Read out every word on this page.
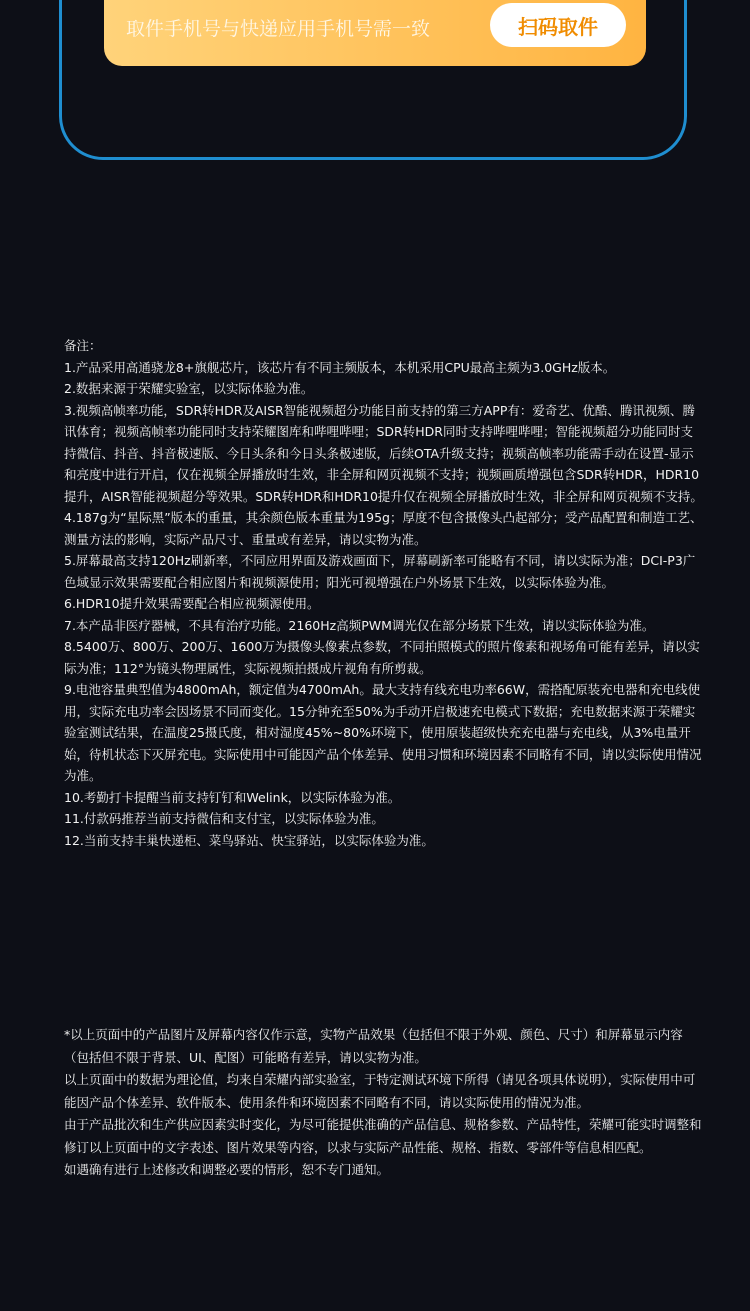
取件手机号与快递应用手机号需一致	扫码取件
备注：

1.产品采用高通骁龙8+旗舰芯片，该芯片有不同主频版本，本机采用CPU最高主频为3.0GHz版本。

2.数据来源于荣耀实验室，以实际体验为准。

3.视频高帧率功能，SDR转HDR及AISR智能视频超分功能目前支持的第三方APP有：爱奇艺、优酷、腾讯视频、腾讯体育；视频高帧率功能同时支持荣耀图库和哔哩哔哩；SDR转HDR同时支持哔哩哔哩；智能视频超分功能同时支持微信、抖音、抖音极速版、今日头条和今日头条极速版，后续OTA升级支持；视频高帧率功能需手动在设置-显示和亮度中进行开启，仅在视频全屏播放时生效，非全屏和网页视频不支持；视频画质增强包含SDR转HDR，HDR10提升，AISR智能视频超分等效果。SDR转HDR和HDR10提升仅在视频全屏播放时生效，非全屏和网页视频不支持。

4.187g为“星际黑”版本的重量，其余颜色版本重量为195g；厚度不包含摄像头凸起部分；受产品配置和制造工艺、测量方法的影响，实际产品尺寸、重量或有差异，请以实物为准。

5.屏幕最高支持120Hz刷新率，不同应用界面及游戏画面下，屏幕刷新率可能略有不同，请以实际为准；DCI-P3广色域显示效果需要配合相应图片和视频源使用；阳光可视增强在户外场景下生效，以实际体验为准。

6.HDR10提升效果需要配合相应视频源使用。

7.本产品非医疗器械，不具有治疗功能。2160Hz高频PWM调光仅在部分场景下生效，请以实际体验为准。

8.5400万、800万、200万、1600万为摄像头像素点参数，不同拍照模式的照片像素和视场角可能有差异，请以实际为准；112°为镜头物理属性，实际视频拍摄成片视角有所剪裁。

9.电池容量典型值为4800mAh，额定值为4700mAh。最大支持有线充电功率66W，需搭配原装充电器和充电线使用，实际充电功率会因场景不同而变化。15分钟充至50%为手动开启极速充电模式下数据；充电数据来源于荣耀实验室测试结果，在温度25摄氏度，相对湿度45%~80%环境下，使用原装超级快充充电器与充电线，从3%电量开始，待机状态下灭屏充电。实际使用中可能因产品个体差异、使用习惯和环境因素不同略有不同，请以实际使用情况为准。

10.考勤打卡提醒当前支持钉钉和Welink，以实际体验为准。

11.付款码推荐当前支持微信和支付宝，以实际体验为准。

12.当前支持丰巢快递柜、菜鸟驿站、快宝驿站，以实际体验为准。

*以上页面中的产品图片及屏幕内容仅作示意，实物产品效果（包括但不限于外观、颜色、尺寸）和屏幕显示内容（包括但不限于背景、UI、配图）可能略有差异，请以实物为准。

以上页面中的数据为理论值，均来自荣耀内部实验室，于特定测试环境下所得（请见各项具体说明），实际使用中可能因产品个体差异、软件版本、使用条件和环境因素不同略有不同，请以实际使用的情况为准。

由于产品批次和生产供应因素实时变化，为尽可能提供准确的产品信息、规格参数、产品特性，荣耀可能实时调整和修订以上页面中的文字表述、图片效果等内容，以求与实际产品性能、规格、指数、零部件等信息相匹配。

如遇确有进行上述修改和调整必要的情形，恕不专门通知。
